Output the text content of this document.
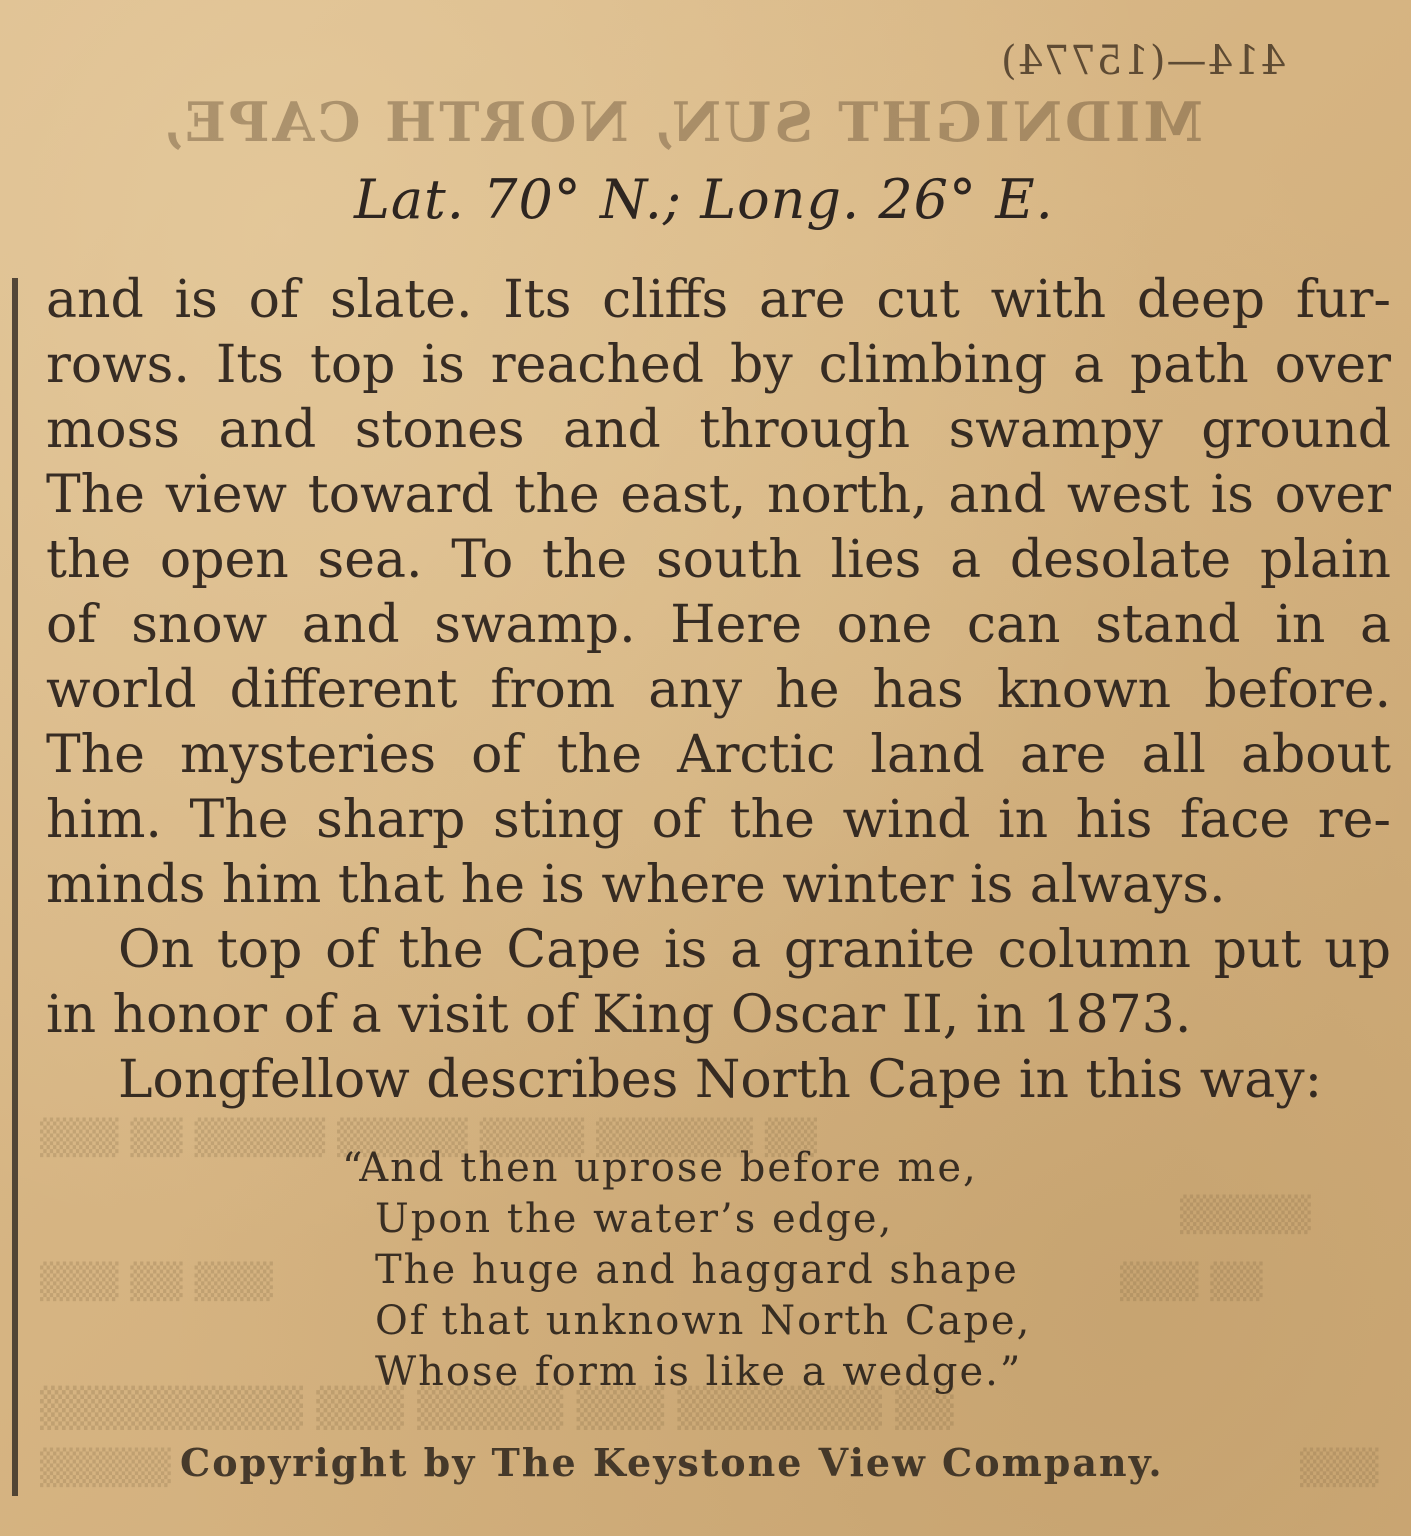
▒▒ ▒▒▒▒▒▒ ▒▒▒▒ ▒▒▒▒▒ ▒▒▒▒▒ ▒▒ ▒▒▒
▒▒▒▒▒
▒▒▒ ▒▒ ▒▒▒	▒▒ ▒▒▒
▒▒ ▒▒▒▒▒▒▒ ▒▒▒ ▒▒▒▒▒ ▒▒▒ ▒▒▒▒▒▒▒▒▒
▒▒▒▒▒	▒▒▒
414—(15774)
MIDNIGHT SUN, NORTH CAPE,
Lat. 70° N.; Long. 26° E.
and is of slate. Its cliffs are cut with deep fur-
rows. Its top is reached by climbing a path over
moss and stones and through swampy ground
The view toward the east, north, and west is over
the open sea. To the south lies a desolate plain
of snow and swamp. Here one can stand in a
world different from any he has known before.
The mysteries of the Arctic land are all about
him. The sharp sting of the wind in his face re-
minds him that he is where winter is always.
On top of the Cape is a granite column put up
in honor of a visit of King Oscar II, in 1873.
Longfellow describes North Cape in this way:
“And then uprose before me,
Upon the water’s edge,
The huge and haggard shape
Of that unknown North Cape,
Whose form is like a wedge.”
Copyright by The Keystone View Company.
